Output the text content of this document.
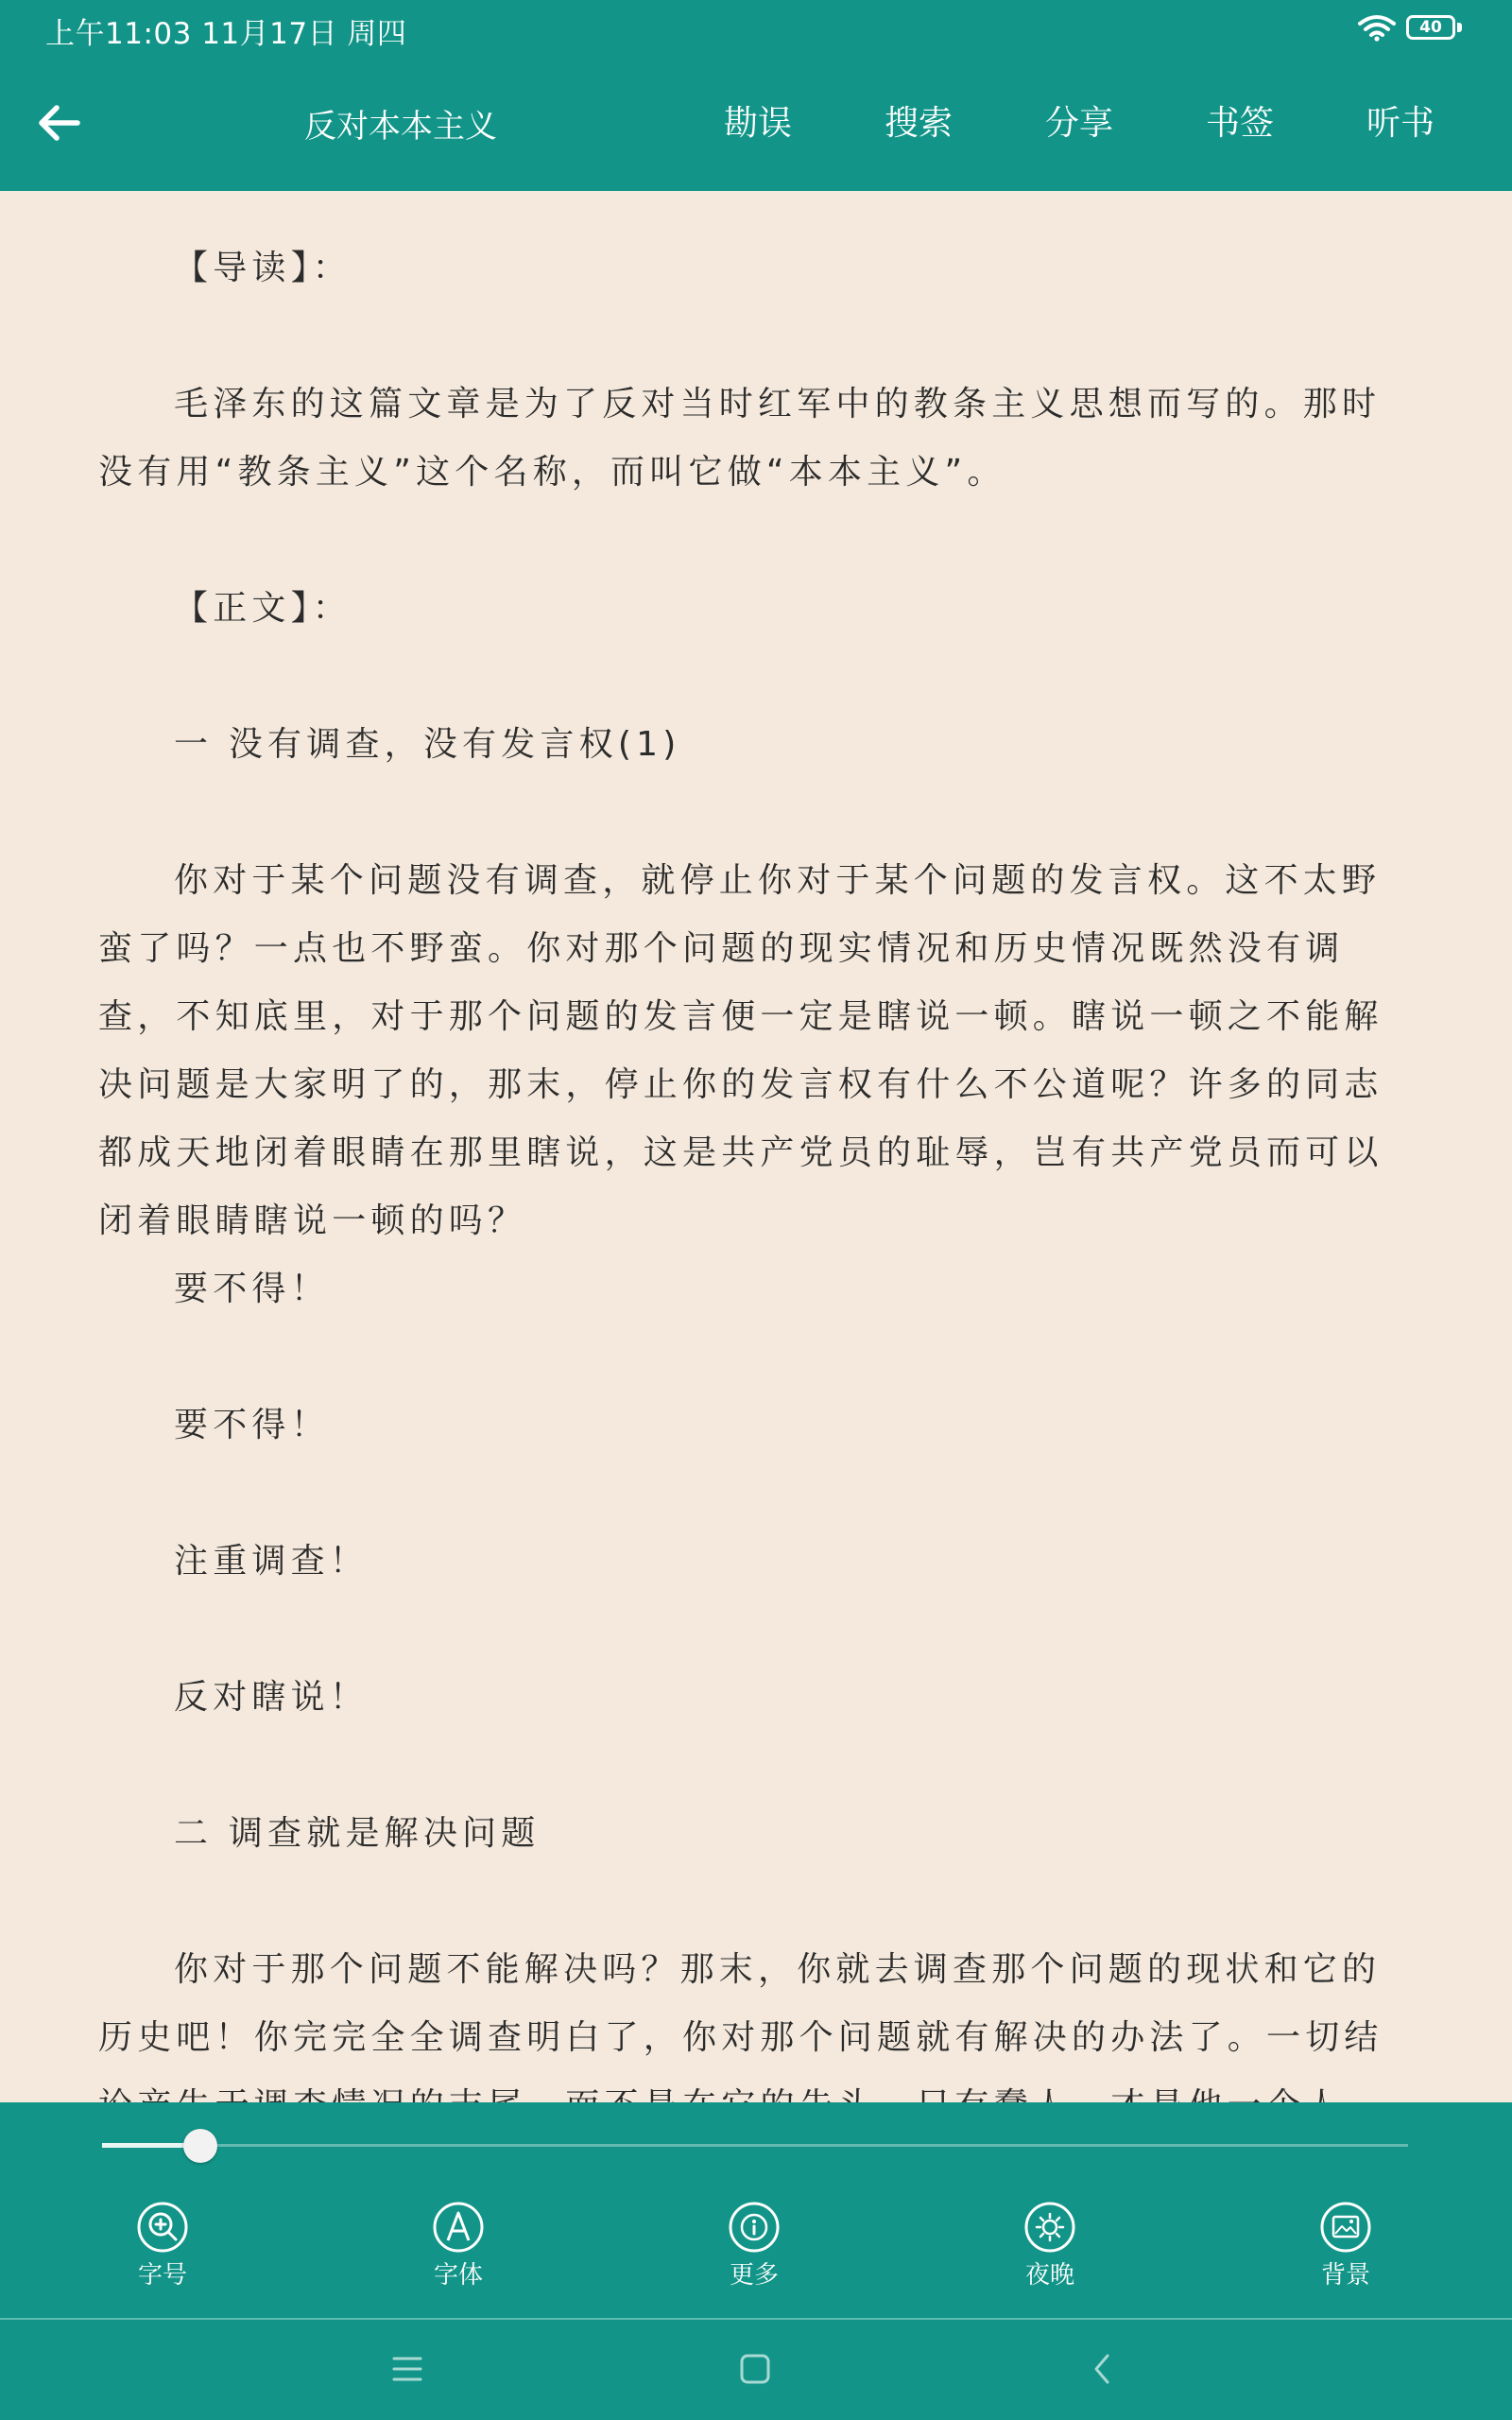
上午11:03 11月17日 周四	40
反对本本主义	勘误	搜索	分享	书签	听书

【导读】：

毛泽东的这篇文章是为了反对当时红军中的教条主义思想而写的。那时没有用“教条主义”这个名称，而叫它做“本本主义”。

【正文】：

一 没有调查，没有发言权(1)

你对于某个问题没有调查，就停止你对于某个问题的发言权。这不太野蛮了吗？一点也不野蛮。你对那个问题的现实情况和历史情况既然没有调查，不知底里，对于那个问题的发言便一定是瞎说一顿。瞎说一顿之不能解决问题是大家明了的，那末，停止你的发言权有什么不公道呢？许多的同志都成天地闭着眼睛在那里瞎说，这是共产党员的耻辱，岂有共产党员而可以闭着眼睛瞎说一顿的吗？

要不得！

要不得！

注重调查！

反对瞎说！

二 调查就是解决问题

你对于那个问题不能解决吗？那末，你就去调查那个问题的现状和它的历史吧！你完完全全调查明白了，你对那个问题就有解决的办法了。一切结

字号	字体	更多	夜晚	背景
